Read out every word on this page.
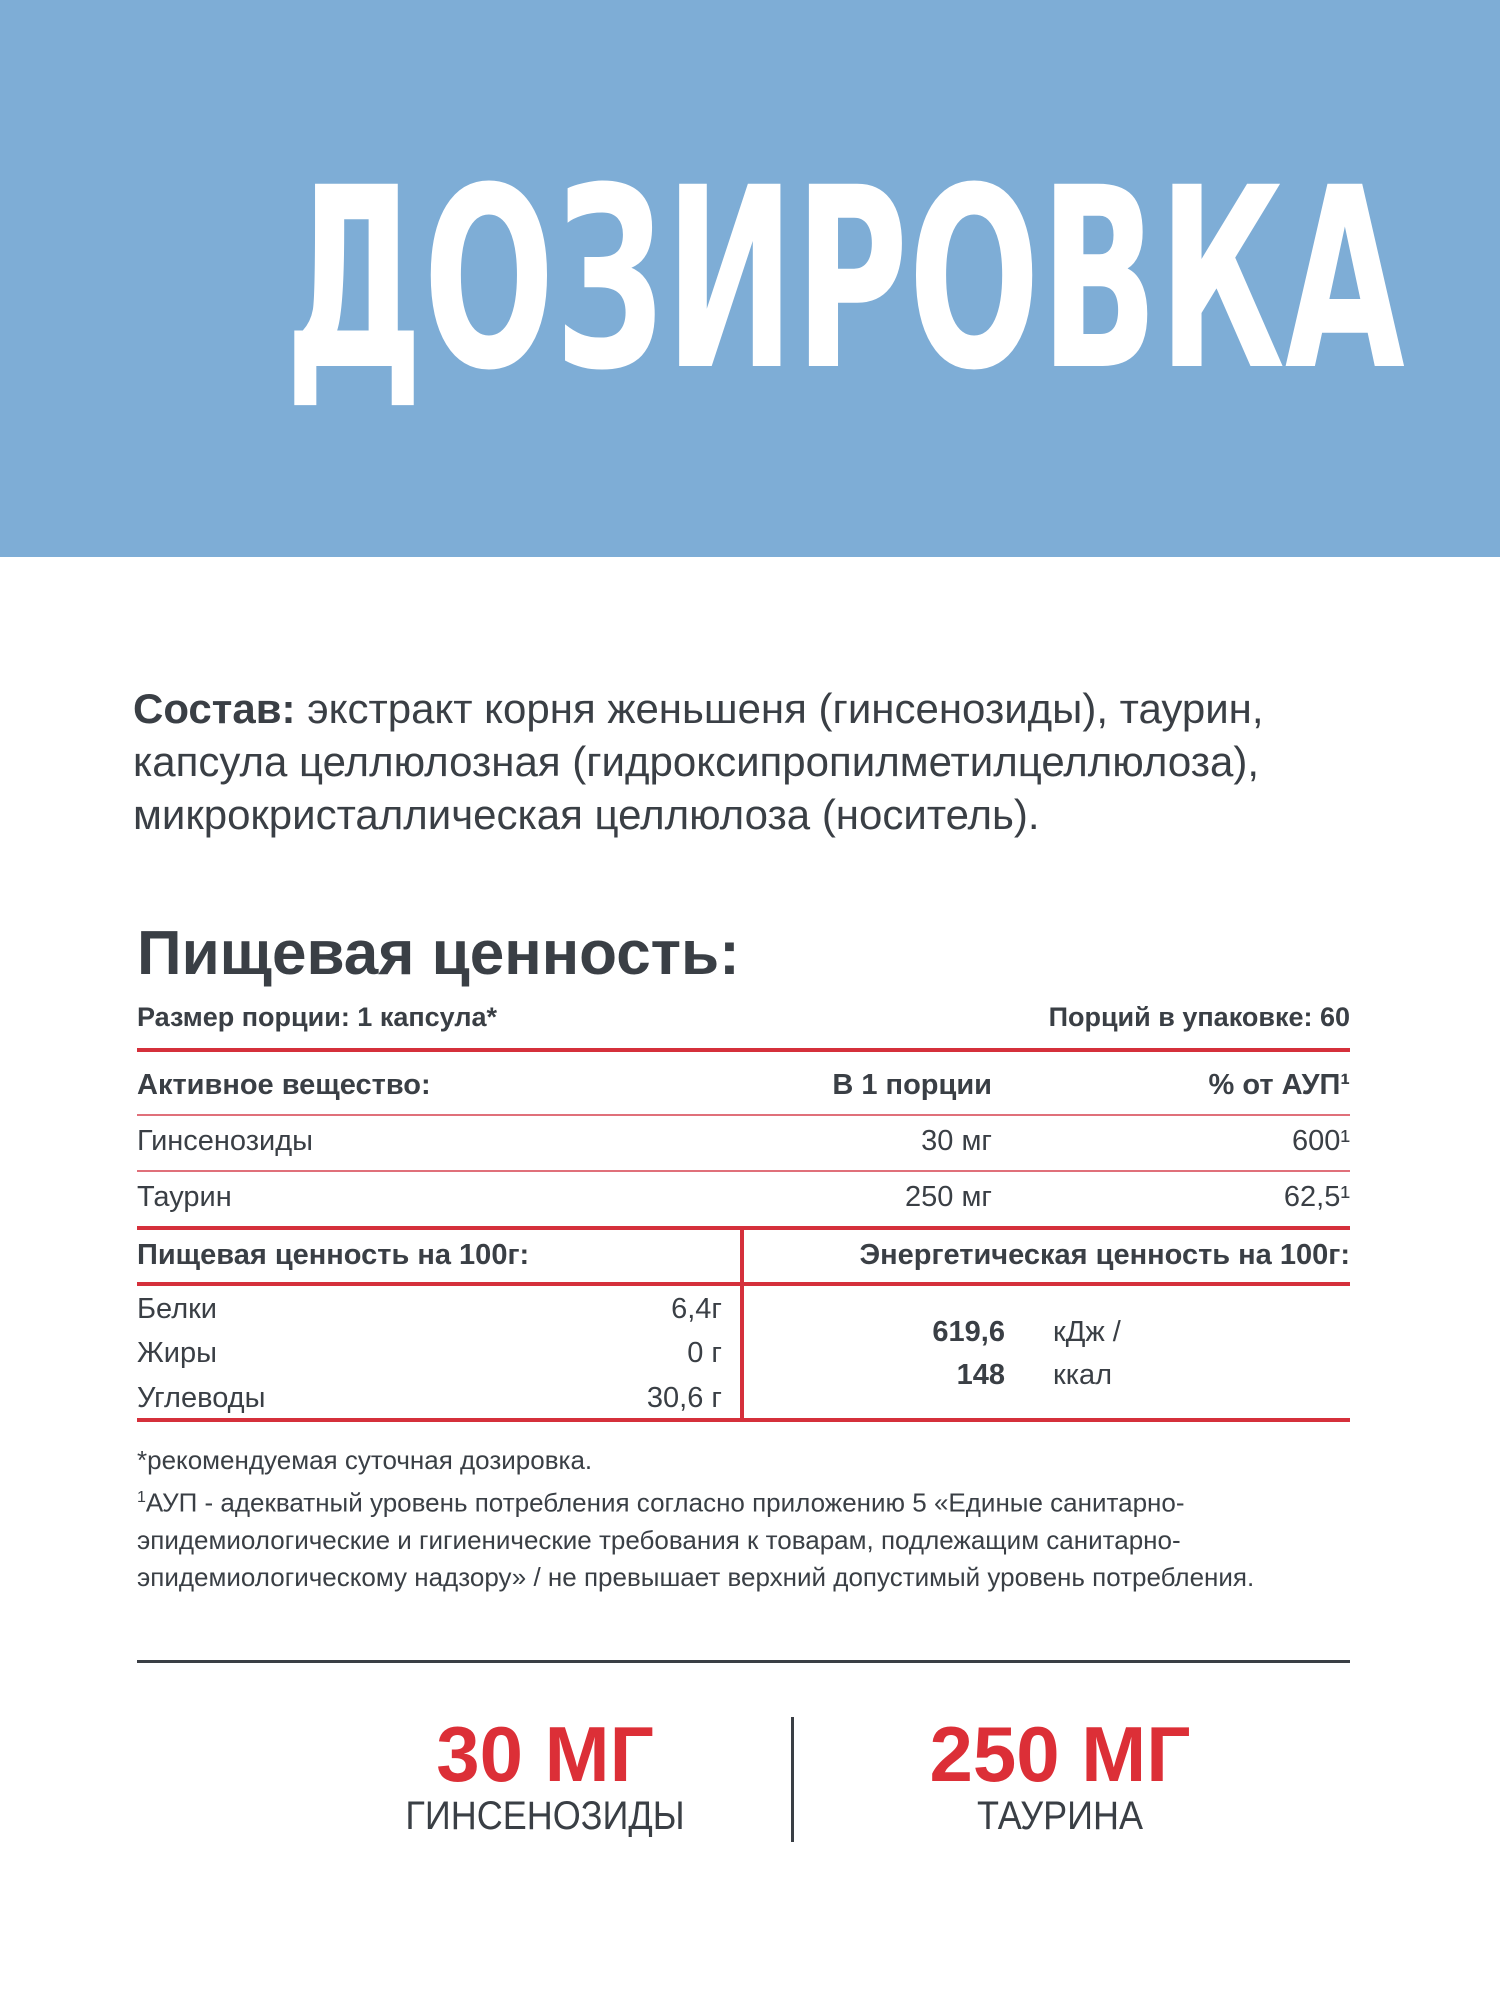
ДОЗИРОВКА
Состав: экстракт корня женьшеня (гинсенозиды), таурин, капсула целлюлозная (гидроксипропилметилцеллюлоза), микрокристаллическая целлюлоза (носитель).
Пищевая ценность:
Размер порции: 1 капсула*	Порций в упаковке: 60
Активное вещество:	В 1 порции	% от АУП¹
Гинсенозиды	30 мг	600¹
Таурин	250 мг	62,5¹
Пищевая ценность на 100г:	Энергетическая ценность на 100г:
Белки	6,4г
Жиры	0 г
Углеводы	30,6 г
619,6 кДж /
148 ккал
*рекомендуемая суточная дозировка.
$^1$АУП - адекватный уровень потребления согласно приложению 5 «Единые санитарно-эпидемиологические и гигиенические требования к товарам, подлежащим санитарно-эпидемиологическому надзору» / не превышает верхний допустимый уровень потребления.
30 МГ
ГИНСЕНОЗИДЫ
250 МГ
ТАУРИНА
